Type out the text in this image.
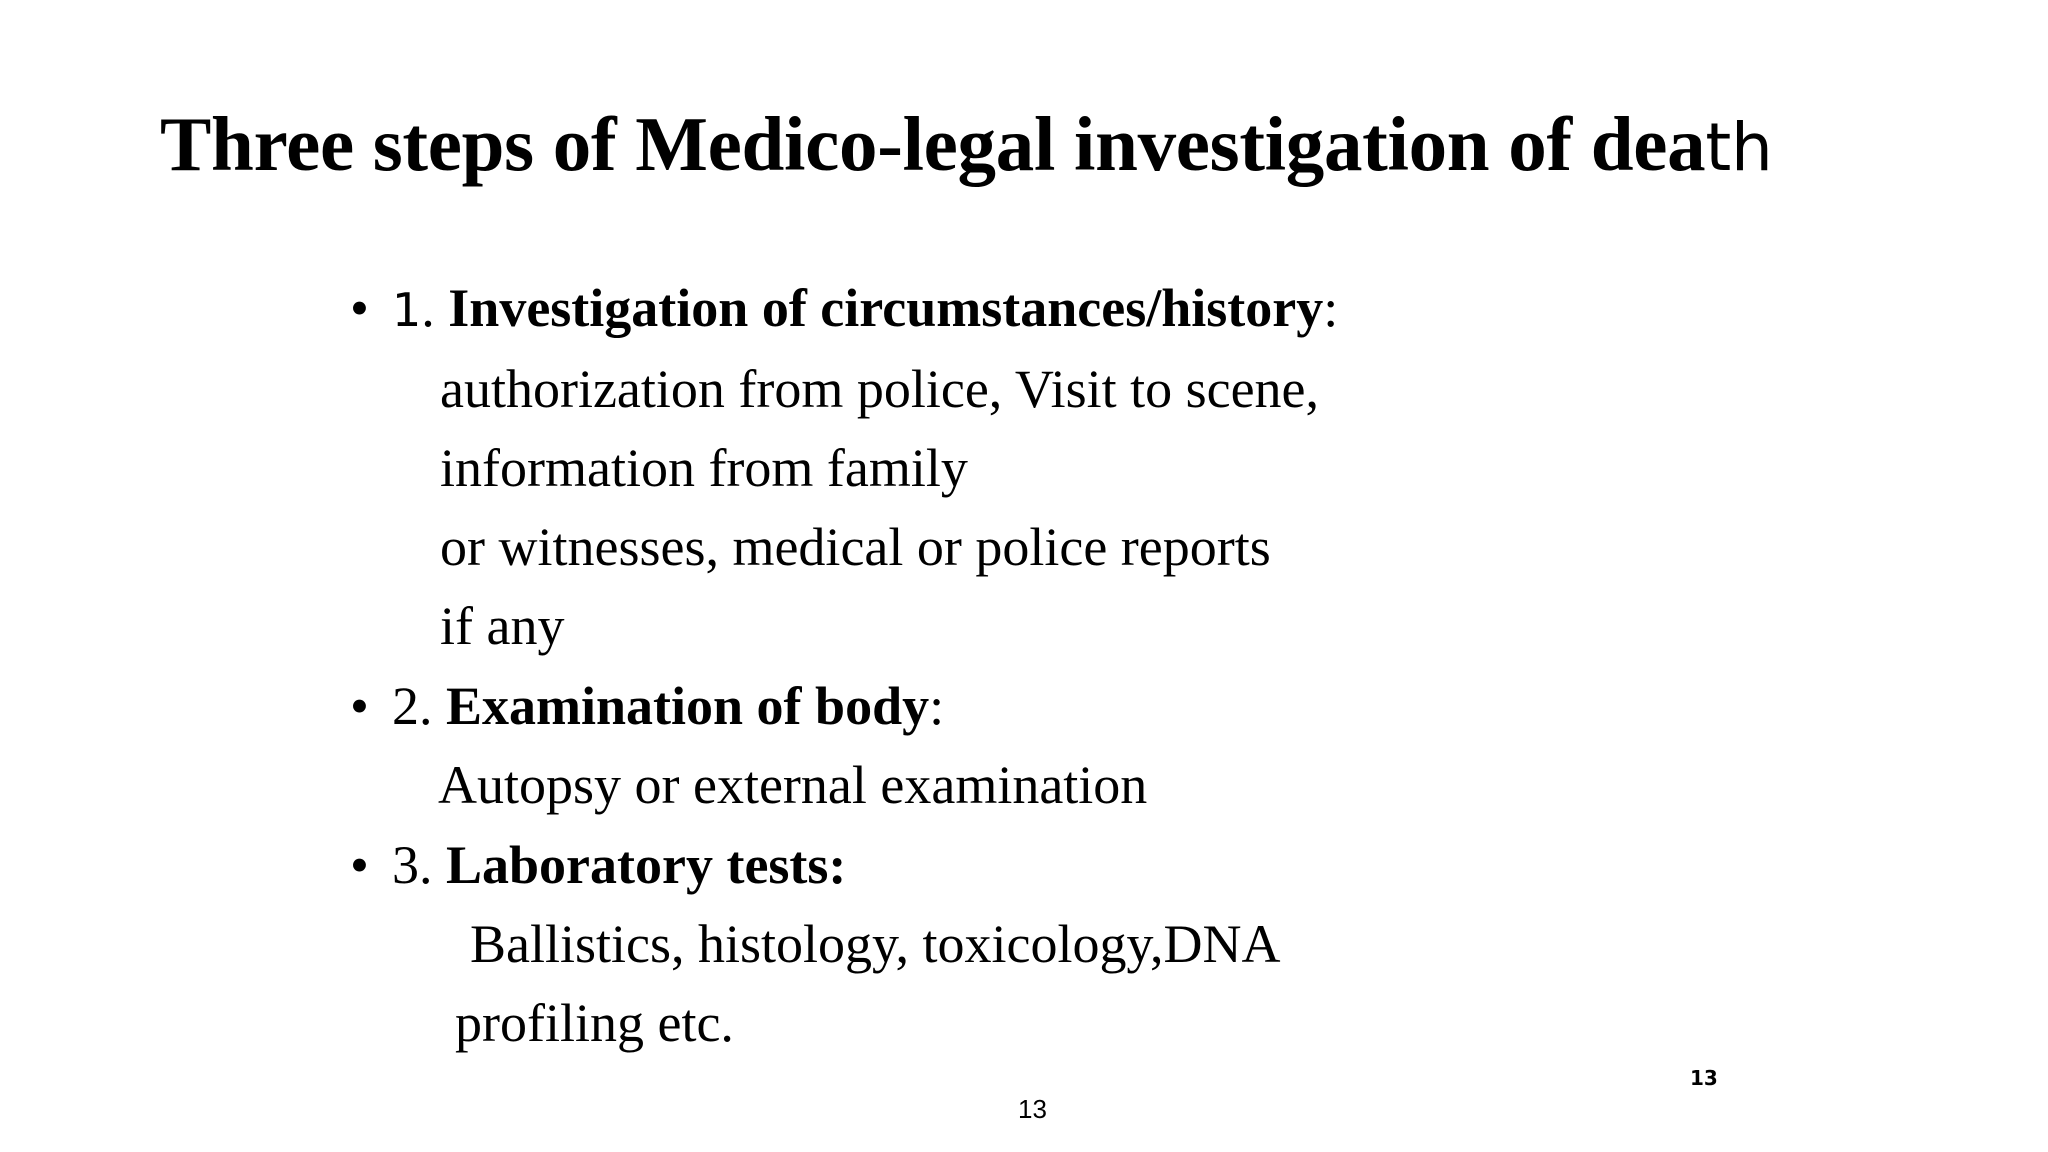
Three steps of Medico-legal investigation of death
• 1. Investigation of circumstances/history:
authorization from police, Visit to scene,
information from family
or witnesses, medical or police reports
if any
• 2. Examination of body:
Autopsy or external examination
• 3. Laboratory tests:
Ballistics, histology, toxicology,DNA
profiling etc.
13
13
